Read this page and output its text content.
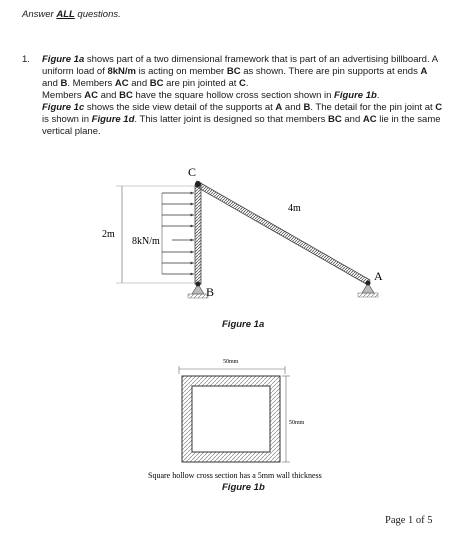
Answer ALL questions.
1. Figure 1a shows part of a two dimensional framework that is part of an advertising billboard. A uniform load of 8kN/m is acting on member BC as shown. There are pin supports at ends A and B. Members AC and BC are pin jointed at C.

Members AC and BC have the square hollow cross section shown in Figure 1b.

Figure 1c shows the side view detail of the supports at A and B. The detail for the pin joint at C is shown in Figure 1d. This latter joint is designed so that members BC and AC lie in the same vertical plane.

C
B
A
4m
2m
8kN/m
50mm
50mm
Square hollow cross section has a 5mm wall thickness
Figure 1a
Figure 1b
Page 1 of 5
